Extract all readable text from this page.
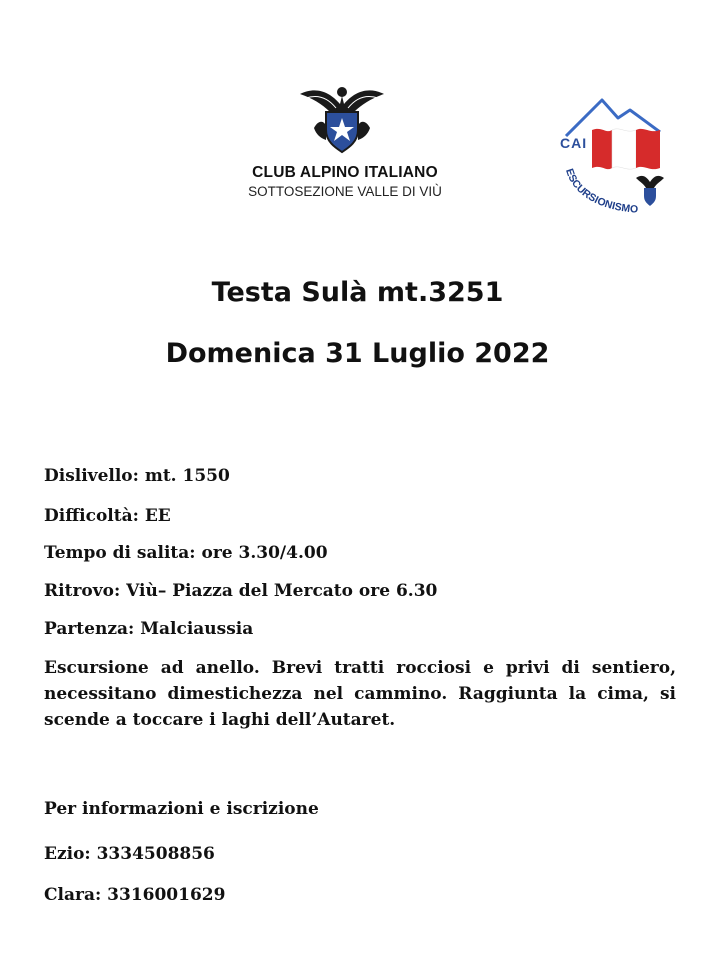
CLUB ALPINO ITALIANO
SOTTOSEZIONE VALLE DI VIÙ
CAI
ESCURSIONISMO
Testa Sulà mt.3251
Domenica 31 Luglio 2022
Dislivello: mt. 1550
Difficoltà: EE
Tempo di salita: ore 3.30/4.00
Ritrovo: Viù– Piazza del Mercato ore 6.30
Partenza: Malciaussia
Escursione ad anello. Brevi tratti rocciosi e privi di sentiero, necessitano dimestichezza nel cammino. Raggiunta la cima, si scende a toccare i laghi dell’Autaret.
Per informazioni e iscrizione
Ezio: 3334508856
Clara: 3316001629
